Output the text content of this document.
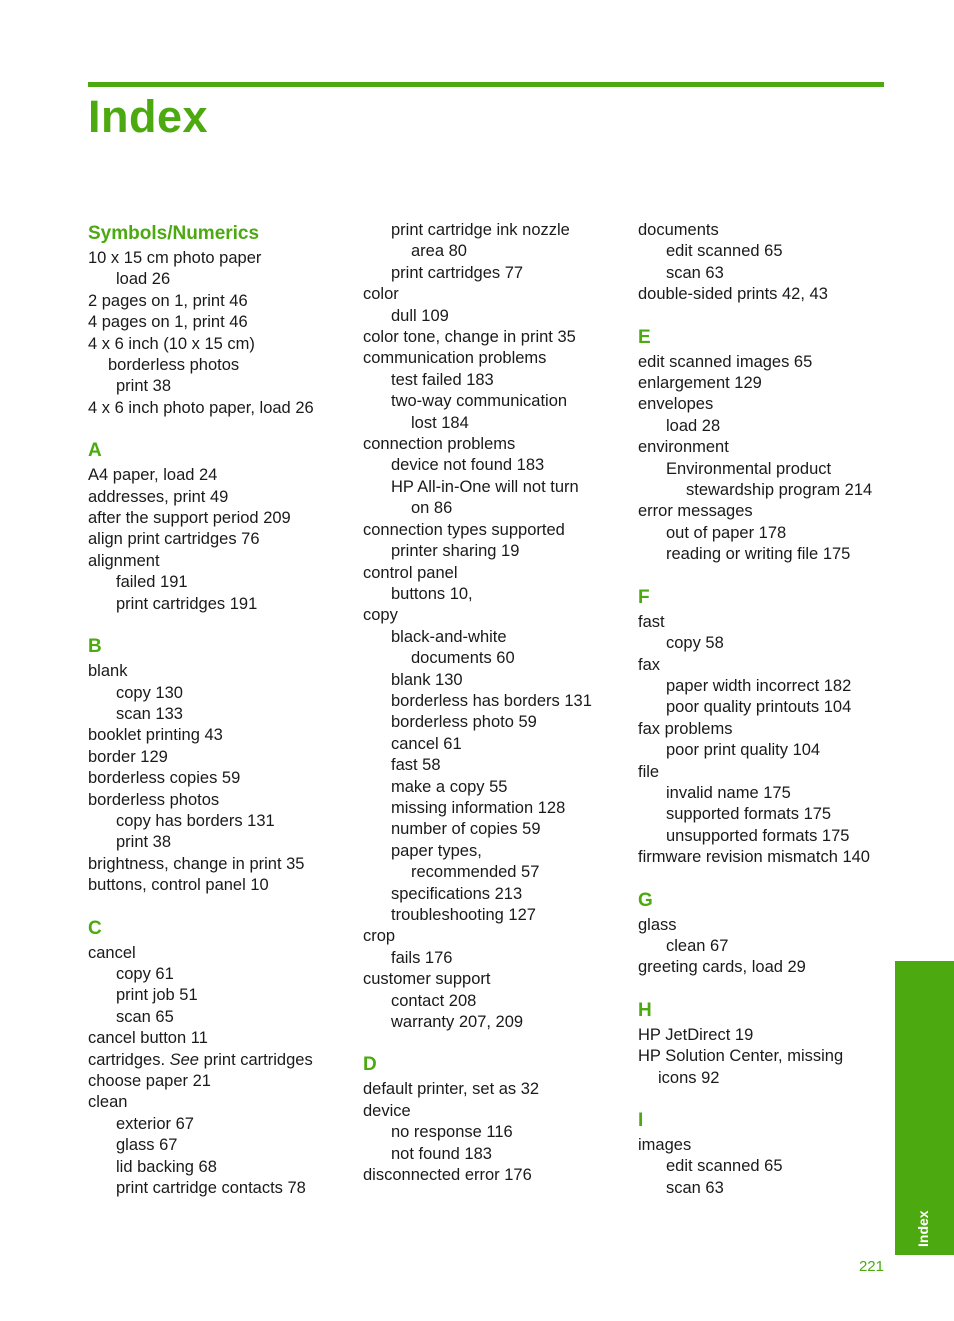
Index
Symbols/Numerics
10 x 15 cm photo paper
load 26
2 pages on 1, print 46
4 pages on 1, print 46
4 x 6 inch (10 x 15 cm)
borderless photos
print 38
4 x 6 inch photo paper, load 26
A
A4 paper, load 24
addresses, print 49
after the support period 209
align print cartridges 76
alignment
failed 191
print cartridges 191
B
blank
copy 130
scan 133
booklet printing 43
border 129
borderless copies 59
borderless photos
copy has borders 131
print 38
brightness, change in print 35
buttons, control panel 10
C
cancel
copy 61
print job 51
scan 65
cancel button 11
cartridges. See print cartridges
choose paper 21
clean
exterior 67
glass 67
lid backing 68
print cartridge contacts 78
print cartridge ink nozzle
area 80
print cartridges 77
color
dull 109
color tone, change in print 35
communication problems
test failed 183
two-way communication
lost 184
connection problems
device not found 183
HP All-in-One will not turn
on 86
connection types supported
printer sharing 19
control panel
buttons 10,
copy
black-and-white
documents 60
blank 130
borderless has borders 131
borderless photo 59
cancel 61
fast 58
make a copy 55
missing information 128
number of copies 59
paper types,
recommended 57
specifications 213
troubleshooting 127
crop
fails 176
customer support
contact 208
warranty 207, 209
D
default printer, set as 32
device
no response 116
not found 183
disconnected error 176
documents
edit scanned 65
scan 63
double-sided prints 42, 43
E
edit scanned images 65
enlargement 129
envelopes
load 28
environment
Environmental product
stewardship program 214
error messages
out of paper 178
reading or writing file 175
F
fast
copy 58
fax
paper width incorrect 182
poor quality printouts 104
fax problems
poor print quality 104
file
invalid name 175
supported formats 175
unsupported formats 175
firmware revision mismatch 140
G
glass
clean 67
greeting cards, load 29
H
HP JetDirect 19
HP Solution Center, missing
icons 92
I
images
edit scanned 65
scan 63
Index
221
